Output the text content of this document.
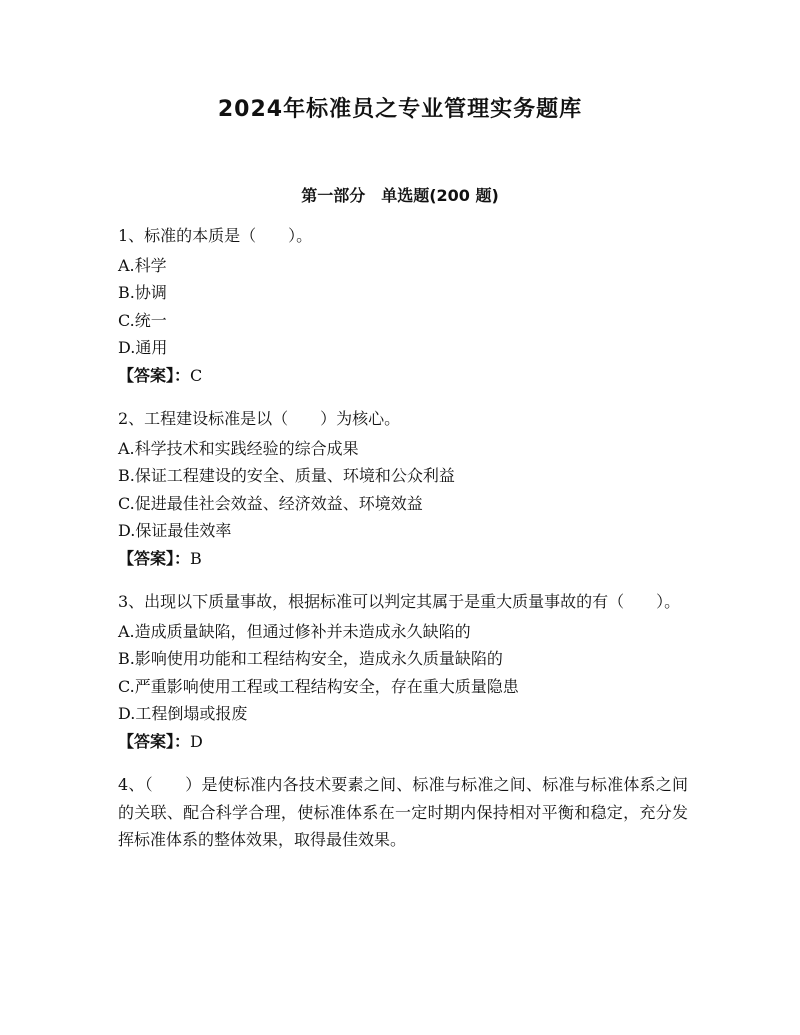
2024年标准员之专业管理实务题库
第一部分　单选题(200 题)

1、标准的本质是（　　）。

A.科学

B.协调

C.统一

D.通用

【答案】：C

2、工程建设标准是以（　　）为核心。

A.科学技术和实践经验的综合成果

B.保证工程建设的安全、质量、环境和公众利益

C.促进最佳社会效益、经济效益、环境效益

D.保证最佳效率

【答案】：B

3、出现以下质量事故，根据标准可以判定其属于是重大质量事故的有（　　）。

A.造成质量缺陷，但通过修补并未造成永久缺陷的

B.影响使用功能和工程结构安全，造成永久质量缺陷的

C.严重影响使用工程或工程结构安全，存在重大质量隐患

D.工程倒塌或报废

【答案】：D

4、（　　）是使标准内各技术要素之间、标准与标准之间、标准与标准体系之间的关联、配合科学合理，使标准体系在一定时期内保持相对平衡和稳定，充分发挥标准体系的整体效果，取得最佳效果。
